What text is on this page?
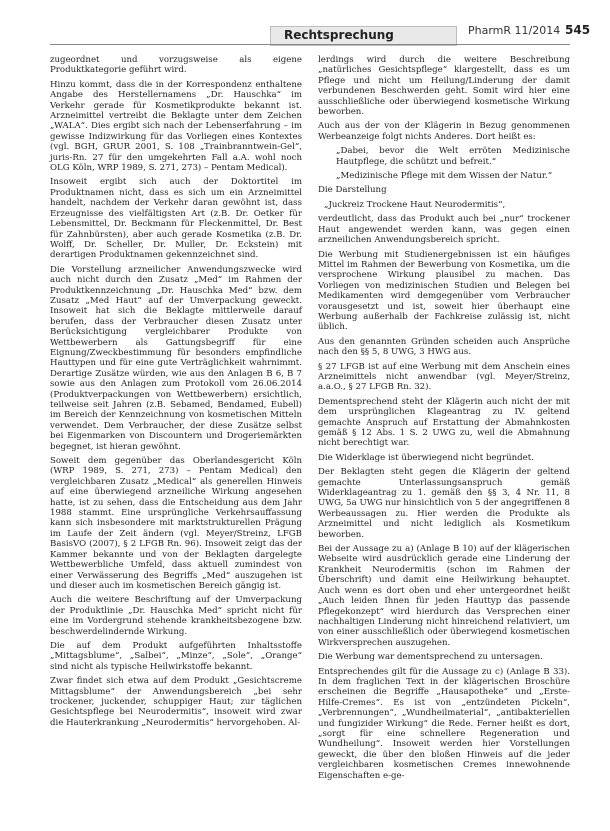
Rechtsprechung	PharmR 11/2014 545

zugeordnet und vorzugsweise als eigene Produktkategorie geführt wird.

Hinzu kommt, dass die in der Korrespondenz enthaltene Angabe des Herstellernamens „Dr. Hauschka“ im Verkehr gerade für Kosmetikprodukte bekannt ist. Arzneimittel vertreibt die Beklagte unter dem Zeichen „WALA“. Dies ergibt sich nach der Lebenserfahrung – im gewisse Indizwirkung für das Vorliegen eines Kontextes (vgl. BGH, GRUR 2001, S. 108 „Trainbranntwein-Gel“, juris-Rn. 27 für den umgekehrten Fall a.A. wohl noch OLG Köln, WRP 1989, S. 271, 273) – Pentam Medical).

Insoweit ergibt sich auch der Doktortitel im Produktnamen nicht, dass es sich um ein Arzneimittel handelt, nachdem der Verkehr daran gewöhnt ist, dass Erzeugnisse des vielfältigsten Art (z.B. Dr. Oetker für Lebensmittel, Dr. Beckmann für Fleckenmittel, Dr. Best für Zahnbürsten), aber auch gerade Kosmetika (z.B. Dr. Wolff, Dr. Scheller, Dr. Muller, Dr. Eckstein) mit derartigen Produktnamen gekennzeichnet sind.

Die Vorstellung arzneilicher Anwendungszwecke wird auch nicht durch den Zusatz „Med“ im Rahmen der Produktkennzeichnung „Dr. Hauschka Med“ bzw. dem Zusatz „Med Haut“ auf der Umverpackung geweckt. Insoweit hat sich die Beklagte mittlerweile darauf berufen, dass der Verbraucher diesen Zusatz unter Berücksichtigung vergleichbarer Produkte von Wettbewerbern als Gattungsbegriff für eine Eignung/Zweckbestimmung für besonders empfindliche Hauttypen und für eine gute Verträglichkeit wahrnimmt. Derartige Zusätze würden, wie aus den Anlagen B 6, B 7 sowie aus den Anlagen zum Protokoll vom 26.06.2014 (Produktverpackungen von Wettbewerbern) ersichtlich, teilweise seit Jahren (z.B. Sebamed, Bendamed, Eubell) im Bereich der Kennzeichnung von kosmetischen Mitteln verwendet. Dem Verbraucher, der diese Zusätze selbst bei Eigenmarken von Discountern und Drogeriemärkten begegnet, ist hieran gewöhnt.

Soweit dem gegenüber das Oberlandesgericht Köln (WRP 1989, S. 271, 273) – Pentam Medical) den vergleichbaren Zusatz „Medical“ als generellen Hinweis auf eine überwiegend arzneiliche Wirkung angesehen hatte, ist zu sehen, dass die Entscheidung aus dem Jahr 1988 stammt. Eine ursprüngliche Verkehrsauffassung kann sich insbesondere mit marktstrukturellen Prägung im Laufe der Zeit ändern (vgl. Meyer/Streinz, LFGB BasisVO (2007), § 2 LFGB Rn. 96). Insoweit zeigt das der Kammer bekannte und von der Beklagten dargelegte Wettbewerbliche Umfeld, dass aktuell zumindest von einer Verwässerung des Begriffs „Med“ auszugehen ist und dieser auch im kosmetischen Bereich gängig ist.

Auch die weitere Beschriftung auf der Umverpackung der Produktlinie „Dr. Hauschka Med“ spricht nicht für eine im Vordergrund stehende krankheitsbezogene bzw. beschwerdelindernde Wirkung.

Die auf dem Produkt aufgeführten Inhaltsstoffe „Mittagsblume“, „Salbei“, „Minze“, „Sole“, „Orange“ sind nicht als typische Heilwirkstoffe bekannt.

Zwar findet sich etwa auf dem Produkt „Gesichtscreme Mittagsblume“ der Anwendungsbereich „bei sehr trockener, juckender, schuppiger Haut; zur täglichen Gesichtspflege bei Neurodermitis“, insoweit wird zwar die Hauterkrankung „Neurodermitis“ hervorgehoben. Al-

lerdings wird durch die weitere Beschreibung „natürliches Gesichtspflege“ klargestellt, dass es um Pflege und nicht um Heilung/Linderung der damit verbundenen Beschwerden geht. Somit wird hier eine ausschließliche oder überwiegend kosmetische Wirkung beworben.

Auch aus der von der Klägerin in Bezug genommenen Werbeanzeige folgt nichts Anderes. Dort heißt es:

„Dabei, bevor die Welt erröten Medizinische Hautpflege, die schützt und befreit.“

„Medizinische Pflege mit dem Wissen der Natur.“

Die Darstellung

„Juckreiz Trockene Haut Neurodermitis“,

verdeutlicht, dass das Produkt auch bei „nur“ trockener Haut angewendet werden kann, was gegen einen arzneilichen Anwendungsbereich spricht.

Die Werbung mit Studienergebnissen ist ein häufiges Mittel im Rahmen der Bewerbung von Kosmetika, um die versprochene Wirkung plausibel zu machen. Das Vorliegen von medizinischen Studien und Belegen bei Medikamenten wird demgegenüber vom Verbraucher vorausgesetzt und ist, soweit hier überhaupt eine Werbung außerhalb der Fachkreise zulässig ist, nicht üblich.

Aus den genannten Gründen scheiden auch Ansprüche nach den §§ 5, 8 UWG, 3 HWG aus.

§ 27 LFGB ist auf eine Werbung mit dem Anschein eines Arzneimittels nicht anwendbar (vgl. Meyer/Streinz, a.a.O., § 27 LFGB Rn. 32).

Dementsprechend steht der Klägerin auch nicht der mit dem ursprünglichen Klageantrag zu IV. geltend gemachte Anspruch auf Erstattung der Abmahnkosten gemäß § 12 Abs. 1 S. 2 UWG zu, weil die Abmahnung nicht berechtigt war.

Die Widerklage ist überwiegend nicht begründet.

Der Beklagten steht gegen die Klägerin der geltend gemachte Unterlassungsanspruch gemäß Widerklageantrag zu 1. gemäß den §§ 3, 4 Nr. 11, 8 UWG, 5a UWG nur hinsichtlich von 5 der angegriffenen 8 Werbeaussagen zu. Hier werden die Produkte als Arzneimittel und nicht lediglich als Kosmetikum beworben.

Bei der Aussage zu a) (Anlage B 10) auf der klägerischen Webseite wird ausdrücklich gerade eine Linderung der Krankheit Neurodermitis (schon im Rahmen der Überschrift) und damit eine Heilwirkung behauptet. Auch wenn es dort oben und eher untergeordnet heißt „Auch leiden Ihnen für jeden Hauttyp das passende Pflegekonzept“ wird hierdurch das Versprechen einer nachhaltigen Linderung nicht hinreichend relativiert, um von einer ausschließlich oder überwiegend kosmetischen Wirkversprechen auszugehen.

Die Werbung war dementsprechend zu untersagen.

Entsprechendes gilt für die Aussage zu c) (Anlage B 33). In dem fraglichen Text in der klägerischen Broschüre erscheinen die Begriffe „Hausapotheke“ und „Erste-Hilfe-Cremes“. Es ist von „entzündeten Pickeln“, „Verbrennungen“, „Wundheilmaterial“, „antibakteriellen und fungizider Wirkung“ die Rede. Ferner heißt es dort, „sorgt für eine schnellere Regeneration und Wundheilung“. Insoweit werden hier Vorstellungen geweckt, die über den bloßen Hinweis auf die jeder vergleichbaren kosmetischen Cremes innewohnende Eigenschaften e-ge-
